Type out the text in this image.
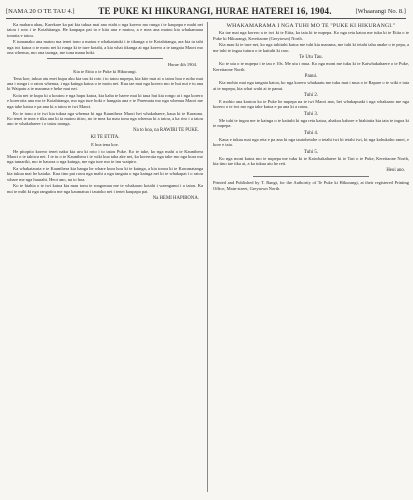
[NAMA 20 O TE TAU 4.]	TE PUKE KI HIKURANGI, HURAE HATEREI 16, 1904.	[Whaarangi No. 8.]

Ka mahara ahau, Karekare ka pai kia tukua mai ano etahi o nga korero mo runga i te kaupapa e mahi nei tatou i roto i te Kotahitanga. He kaupapa pai ia e kiia ana e matou, a e mea ana matou kia whakamaua tonutia e tatou.

E tumanako ana matou ma tenei tono a matou e whakatutuki i te tikanga o te Kotahitanga, ara kia tu tahi nga iwi katoa o te motu nei ki runga ki te ture kotahi, a kia whai tikanga ai nga korero a te tangata Maori mo ona whenua, mo ona taonga, me tona mana hoki.

Hurae 4th 1904.

Kia te Etita o te Puke ki Hikurangi.

Tena koe, tukua atu enei kupu aku kia uru ki roto i to tatou nupepa, kia kite mai ai o tatou hoa e noho mai ana i runga i o ratou whenua, i nga kainga katoa o te motu nei. Kua tae mai nga korero mo te hui nui e tu ana ki Waipatu a te marama e heke mai nei.

Koia nei te kupu ki a koutou e nga hapu katoa, kia kaha te haere mai ki taua hui kia rongo ai i nga korero e korerotia ana mo te Kotahitanga, mo nga ture hoki e hangaia ana e te Paremata mo nga whenua Maori me nga take katoa e pa ana ki a tatou te iwi Maori.

Ko te tono a te iwi kia tukua nga whenua ki nga Kaunihera Maori hei whakahaere, kaua ki te Karauna. Ko tenei te mea e tika ana ki ta matou titiro, no te mea ka mau tonu nga whenua ki a tatou, a ka riro i a tatou ano te whakahaere i o tatou taonga.

Na to hoa, na RAWIRI TE PUKE.
KI TE ETITA.

E hoa tena koe.

He pitopito korero tenei naku kia uru ki roto i to tatou Puke. Ko te take, ko nga mahi a te Kaunihera Maori o te takiwa nei. I te tu o te Kaunihera i te wiki kua taha ake nei, ka korerotia nga take mo nga kura mo nga tamariki, mo te hauora o nga kainga, me nga ture mo te inu waipiro.

Ka whakatauria e te Kaunihera kia hanga he whare kura hou ki te kainga, a kia tonoa ki te Kawanatanga kia tukua mai he kaiako. Kua tino pai rawa nga mahi a nga tangata o nga kainga nei ki te whakapai i o ratou whare me nga huarahi. Heoi ano, na to hoa.

Ko te hiahia o te iwi katoa kia mau tonu te rongomau me te whakaaro kotahi i waenganui i a tatou. Ka nui te mihi ki nga rangatira me nga kaumatua i tautoko nei i tenei kaupapa pai.

Na HEMI HAPIRONA.
WHAKAMARAMA I NGA TUHI MO TE "PUKE KI HIKURANGI."

Ka tae mai nga korero a te iwi ki te Etita, ka taia ki te nupepa. Ko nga reta katoa me tuku ki te Etita o te Puke ki Hikurangi, Kereitaone (Greytown) North.

Kia mau ki te ture nei, ko nga tuhituhi katoa me tuhi kia marama, me tuhi ki tetahi taha anake o te pepa, a me tuhi te ingoa tuturu o te kaituhi ki raro.

Te Utu Tau.

Ko te utu o te nupepa i te tau e 10s. Me utu i mua. Ko nga moni me tuku ki te Kaiwhakahaere o te Puke, Kereitaone North.

Panui.

Kia mohio mai nga tangata katoa, ko nga korero whakaatu me tuku mai i mua o te Rapare o te wiki e taia ai te nupepa, kia whai wahi ai te panui.

Tuhi 2.

E mohio ana koutou ko te Puke he nupepa na te iwi Maori ano, hei whakapuaki i nga whakaaro me nga korero o te iwi mo nga take katoa e pa ana ki a ratou.

Tuhi 3.

Me tuhi te ingoa me te kainga o te kaituhi ki nga reta katoa, ahakoa kahore e hiahiatia kia taia te ingoa ki te nupepa.

Tuhi 4.

Kaua e tukua mai nga reta e pa ana ki nga tautohetohe o tetahi iwi ki tetahi iwi, ki nga kohukohu ranei, e kore e taia.

Tuhi 5.

Ko nga moni katoa mo te nupepa me tuku ki te Kaiwhakahaere ki te Tari o te Puke, Kereitaone North, kia tino tae tika ai, a ka tukua atu he reti.

Heoi ano.

Printed and Published by T. Rangi, for the Authority of Te Puke ki Hikurangi, at their registered Printing Office, Main-street, Greytown North.
